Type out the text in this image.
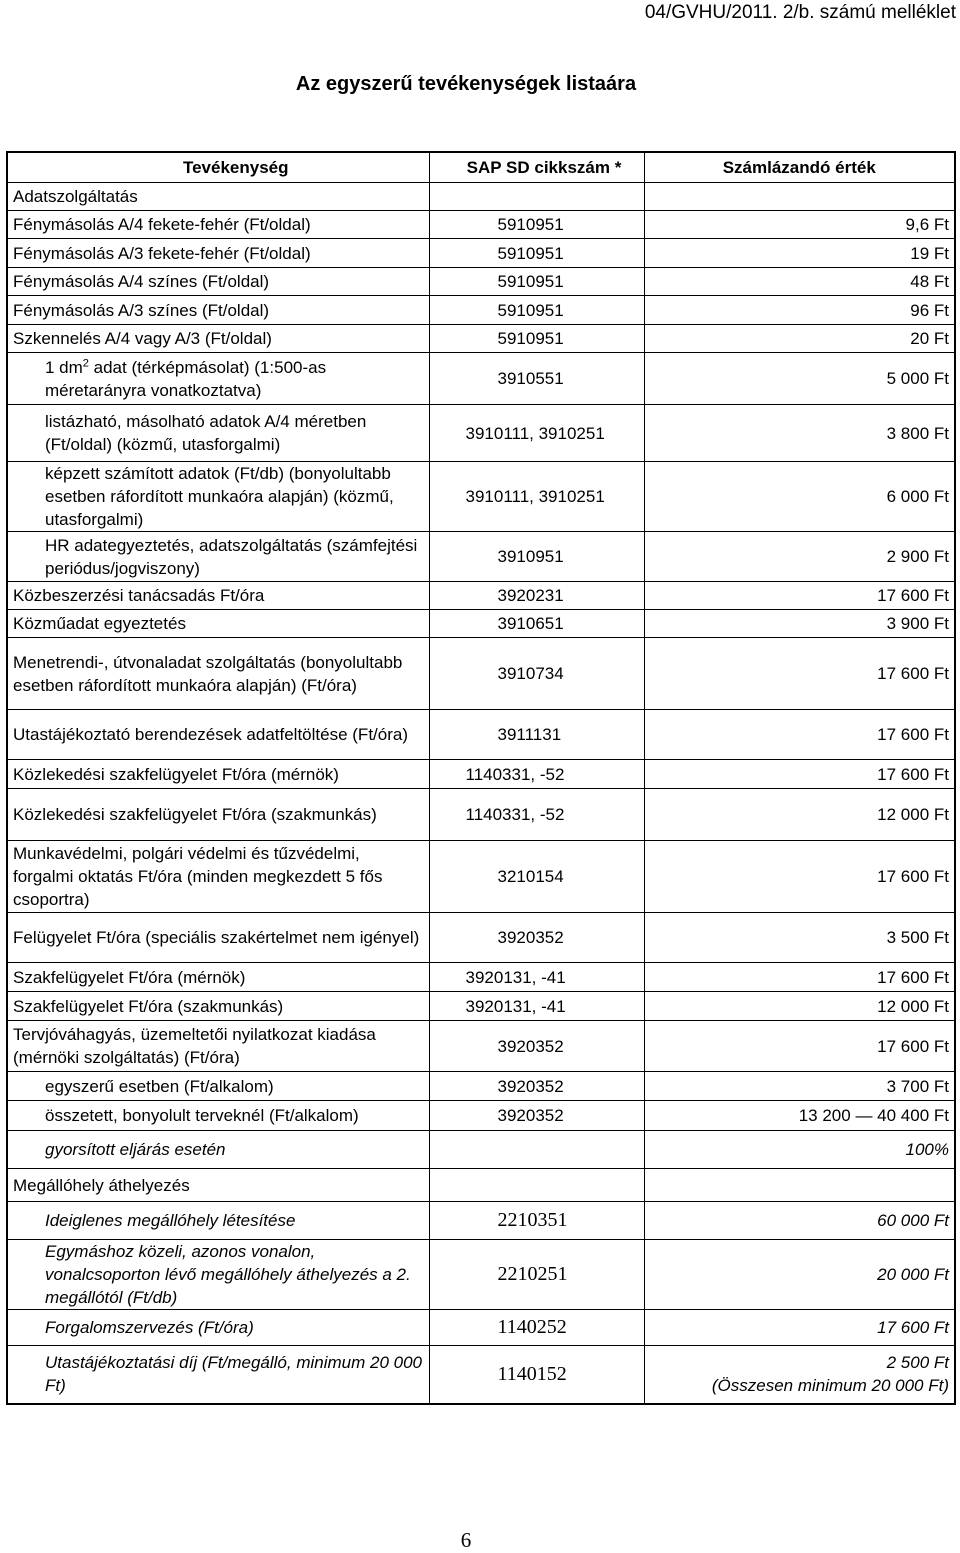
04/GVHU/2011. 2/b. számú melléklet
Az egyszerű tevékenységek listaára
Tevékenység	SAP SD cikkszám *	Számlázandó érték
Adatszolgáltatás		
Fénymásolás A/4 fekete-fehér (Ft/oldal)	5910951	9,6 Ft
Fénymásolás A/3 fekete-fehér (Ft/oldal)	5910951	19 Ft
Fénymásolás A/4 színes (Ft/oldal)	5910951	48 Ft
Fénymásolás A/3 színes (Ft/oldal)	5910951	96 Ft
Szkennelés A/4 vagy A/3 (Ft/oldal)	5910951	20 Ft
1 $dm^2$ adat (térképmásolat) (1:500-as méretarányra vonatkoztatva)	3910551	5 000 Ft
listázható, másolható adatok A/4 méretben (Ft/oldal) (közmű, utasforgalmi)	3910111, 3910251	3 800 Ft
képzett számított adatok (Ft/db) (bonyolultabb esetben ráfordított munkaóra alapján) (közmű, utasforgalmi)	3910111, 3910251	6 000 Ft
HR adategyeztetés, adatszolgáltatás (számfejtési periódus/jogviszony)	3910951	2 900 Ft
Közbeszerzési tanácsadás Ft/óra	3920231	17 600 Ft
Közműadat egyeztetés	3910651	3 900 Ft
Menetrendi-, útvonaladat szolgáltatás (bonyolultabb esetben ráfordított munkaóra alapján) (Ft/óra)	3910734	17 600 Ft
Utastájékoztató berendezések adatfeltöltése (Ft/óra)	3911131	17 600 Ft
Közlekedési szakfelügyelet Ft/óra (mérnök)	1140331, -52	17 600 Ft
Közlekedési szakfelügyelet Ft/óra (szakmunkás)	1140331, -52	12 000 Ft
Munkavédelmi, polgári védelmi és tűzvédelmi, forgalmi oktatás Ft/óra (minden megkezdett 5 fős csoportra)	3210154	17 600 Ft
Felügyelet Ft/óra (speciális szakértelmet nem igényel)	3920352	3 500 Ft
Szakfelügyelet Ft/óra (mérnök)	3920131, -41	17 600 Ft
Szakfelügyelet Ft/óra (szakmunkás)	3920131, -41	12 000 Ft
Tervjóváhagyás, üzemeltetői nyilatkozat kiadása (mérnöki szolgáltatás) (Ft/óra)	3920352	17 600 Ft
egyszerű esetben (Ft/alkalom)	3920352	3 700 Ft
összetett, bonyolult terveknél (Ft/alkalom)	3920352	13 200 — 40 400 Ft
gyorsított eljárás esetén		100%
Megállóhely áthelyezés		
Ideiglenes megállóhely létesítése	2210351	60 000 Ft
Egymáshoz közeli, azonos vonalon, vonalcsoporton lévő megállóhely áthelyezés a 2. megállótól (Ft/db)	2210251	20 000 Ft
Forgalomszervezés (Ft/óra)	1140252	17 600 Ft
Utastájékoztatási díj (Ft/megálló, minimum 20 000 Ft)	1140152	2 500 Ft
(Összesen minimum 20 000 Ft)
6
